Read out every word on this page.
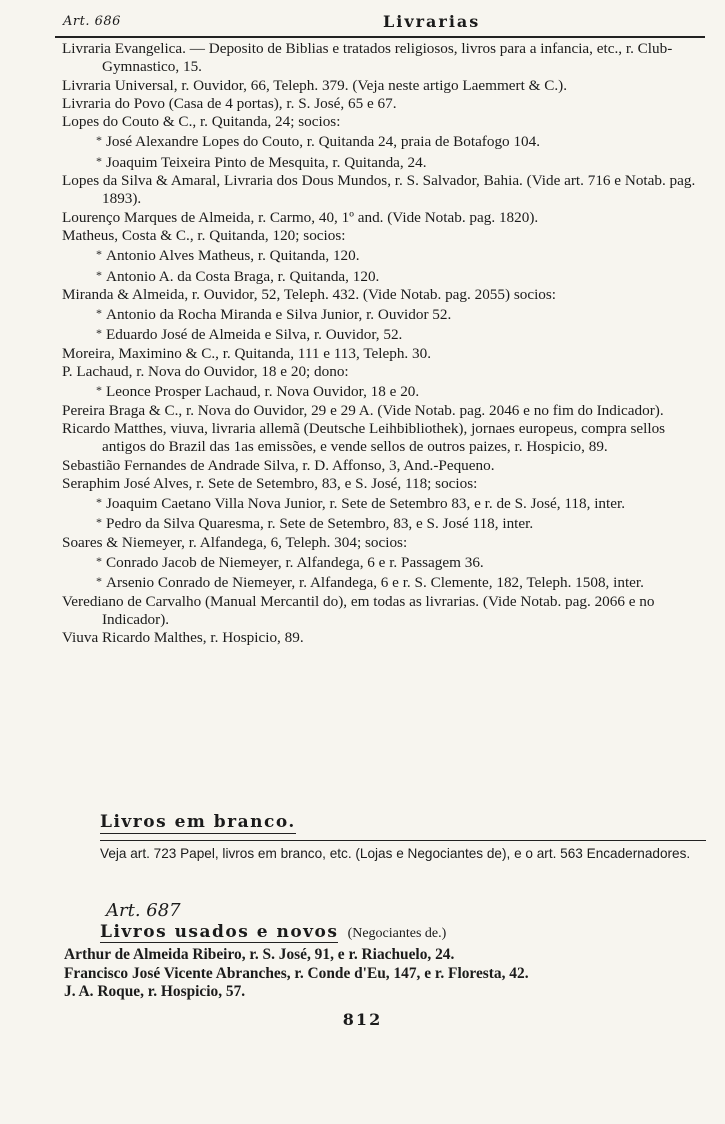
Art. 686	Livrarias
Livraria Evangelica. — Deposito de Biblias e tratados religiosos, livros para a infancia, etc., r. Club-Gymnastico, 15.
Livraria Universal, r. Ouvidor, 66, Teleph. 379. (Veja neste artigo Laemmert & C.).
Livraria do Povo (Casa de 4 portas), r. S. José, 65 e 67.
Lopes do Couto & C., r. Quitanda, 24; socios:
* José Alexandre Lopes do Couto, r. Quitanda 24, praia de Botafogo 104.
* Joaquim Teixeira Pinto de Mesquita, r. Quitanda, 24.
Lopes da Silva & Amaral, Livraria dos Dous Mundos, r. S. Salvador, Bahia. (Vide art. 716 e Notab. pag. 1893).
Lourenço Marques de Almeida, r. Carmo, 40, 1º and. (Vide Notab. pag. 1820).
Matheus, Costa & C., r. Quitanda, 120; socios:
* Antonio Alves Matheus, r. Quitanda, 120.
* Antonio A. da Costa Braga, r. Quitanda, 120.
Miranda & Almeida, r. Ouvidor, 52, Teleph. 432. (Vide Notab. pag. 2055) socios:
* Antonio da Rocha Miranda e Silva Junior, r. Ouvidor 52.
* Eduardo José de Almeida e Silva, r. Ouvidor, 52.
Moreira, Maximino & C., r. Quitanda, 111 e 113, Teleph. 30.
P. Lachaud, r. Nova do Ouvidor, 18 e 20; dono:
* Leonce Prosper Lachaud, r. Nova Ouvidor, 18 e 20.
Pereira Braga & C., r. Nova do Ouvidor, 29 e 29 A. (Vide Notab. pag. 2046 e no fim do Indicador).
Ricardo Matthes, viuva, livraria allemã (Deutsche Leihbibliothek), jornaes europeus, compra sellos antigos do Brazil das 1as emissões, e vende sellos de outros paizes, r. Hospicio, 89.
Sebastião Fernandes de Andrade Silva, r. D. Affonso, 3, And.-Pequeno.
Seraphim José Alves, r. Sete de Setembro, 83, e S. José, 118; socios:
* Joaquim Caetano Villa Nova Junior, r. Sete de Setembro 83, e r. de S. José, 118, inter.
* Pedro da Silva Quaresma, r. Sete de Setembro, 83, e S. José 118, inter.
Soares & Niemeyer, r. Alfandega, 6, Teleph. 304; socios:
* Conrado Jacob de Niemeyer, r. Alfandega, 6 e r. Passagem 36.
* Arsenio Conrado de Niemeyer, r. Alfandega, 6 e r. S. Clemente, 182, Teleph. 1508, inter.
Verediano de Carvalho (Manual Mercantil do), em todas as livrarias. (Vide Notab. pag. 2066 e no Indicador).
Viuva Ricardo Malthes, r. Hospicio, 89.
Livros em branco.
Veja art. 723 Papel, livros em branco, etc. (Lojas e Negociantes de), e o art. 563 Encadernadores.
Art. 687
Livros usados e novos (Negociantes de.)
Arthur de Almeida Ribeiro, r. S. José, 91, e r. Riachuelo, 24.
Francisco José Vicente Abranches, r. Conde d'Eu, 147, e r. Floresta, 42.
J. A. Roque, r. Hospicio, 57.
812
